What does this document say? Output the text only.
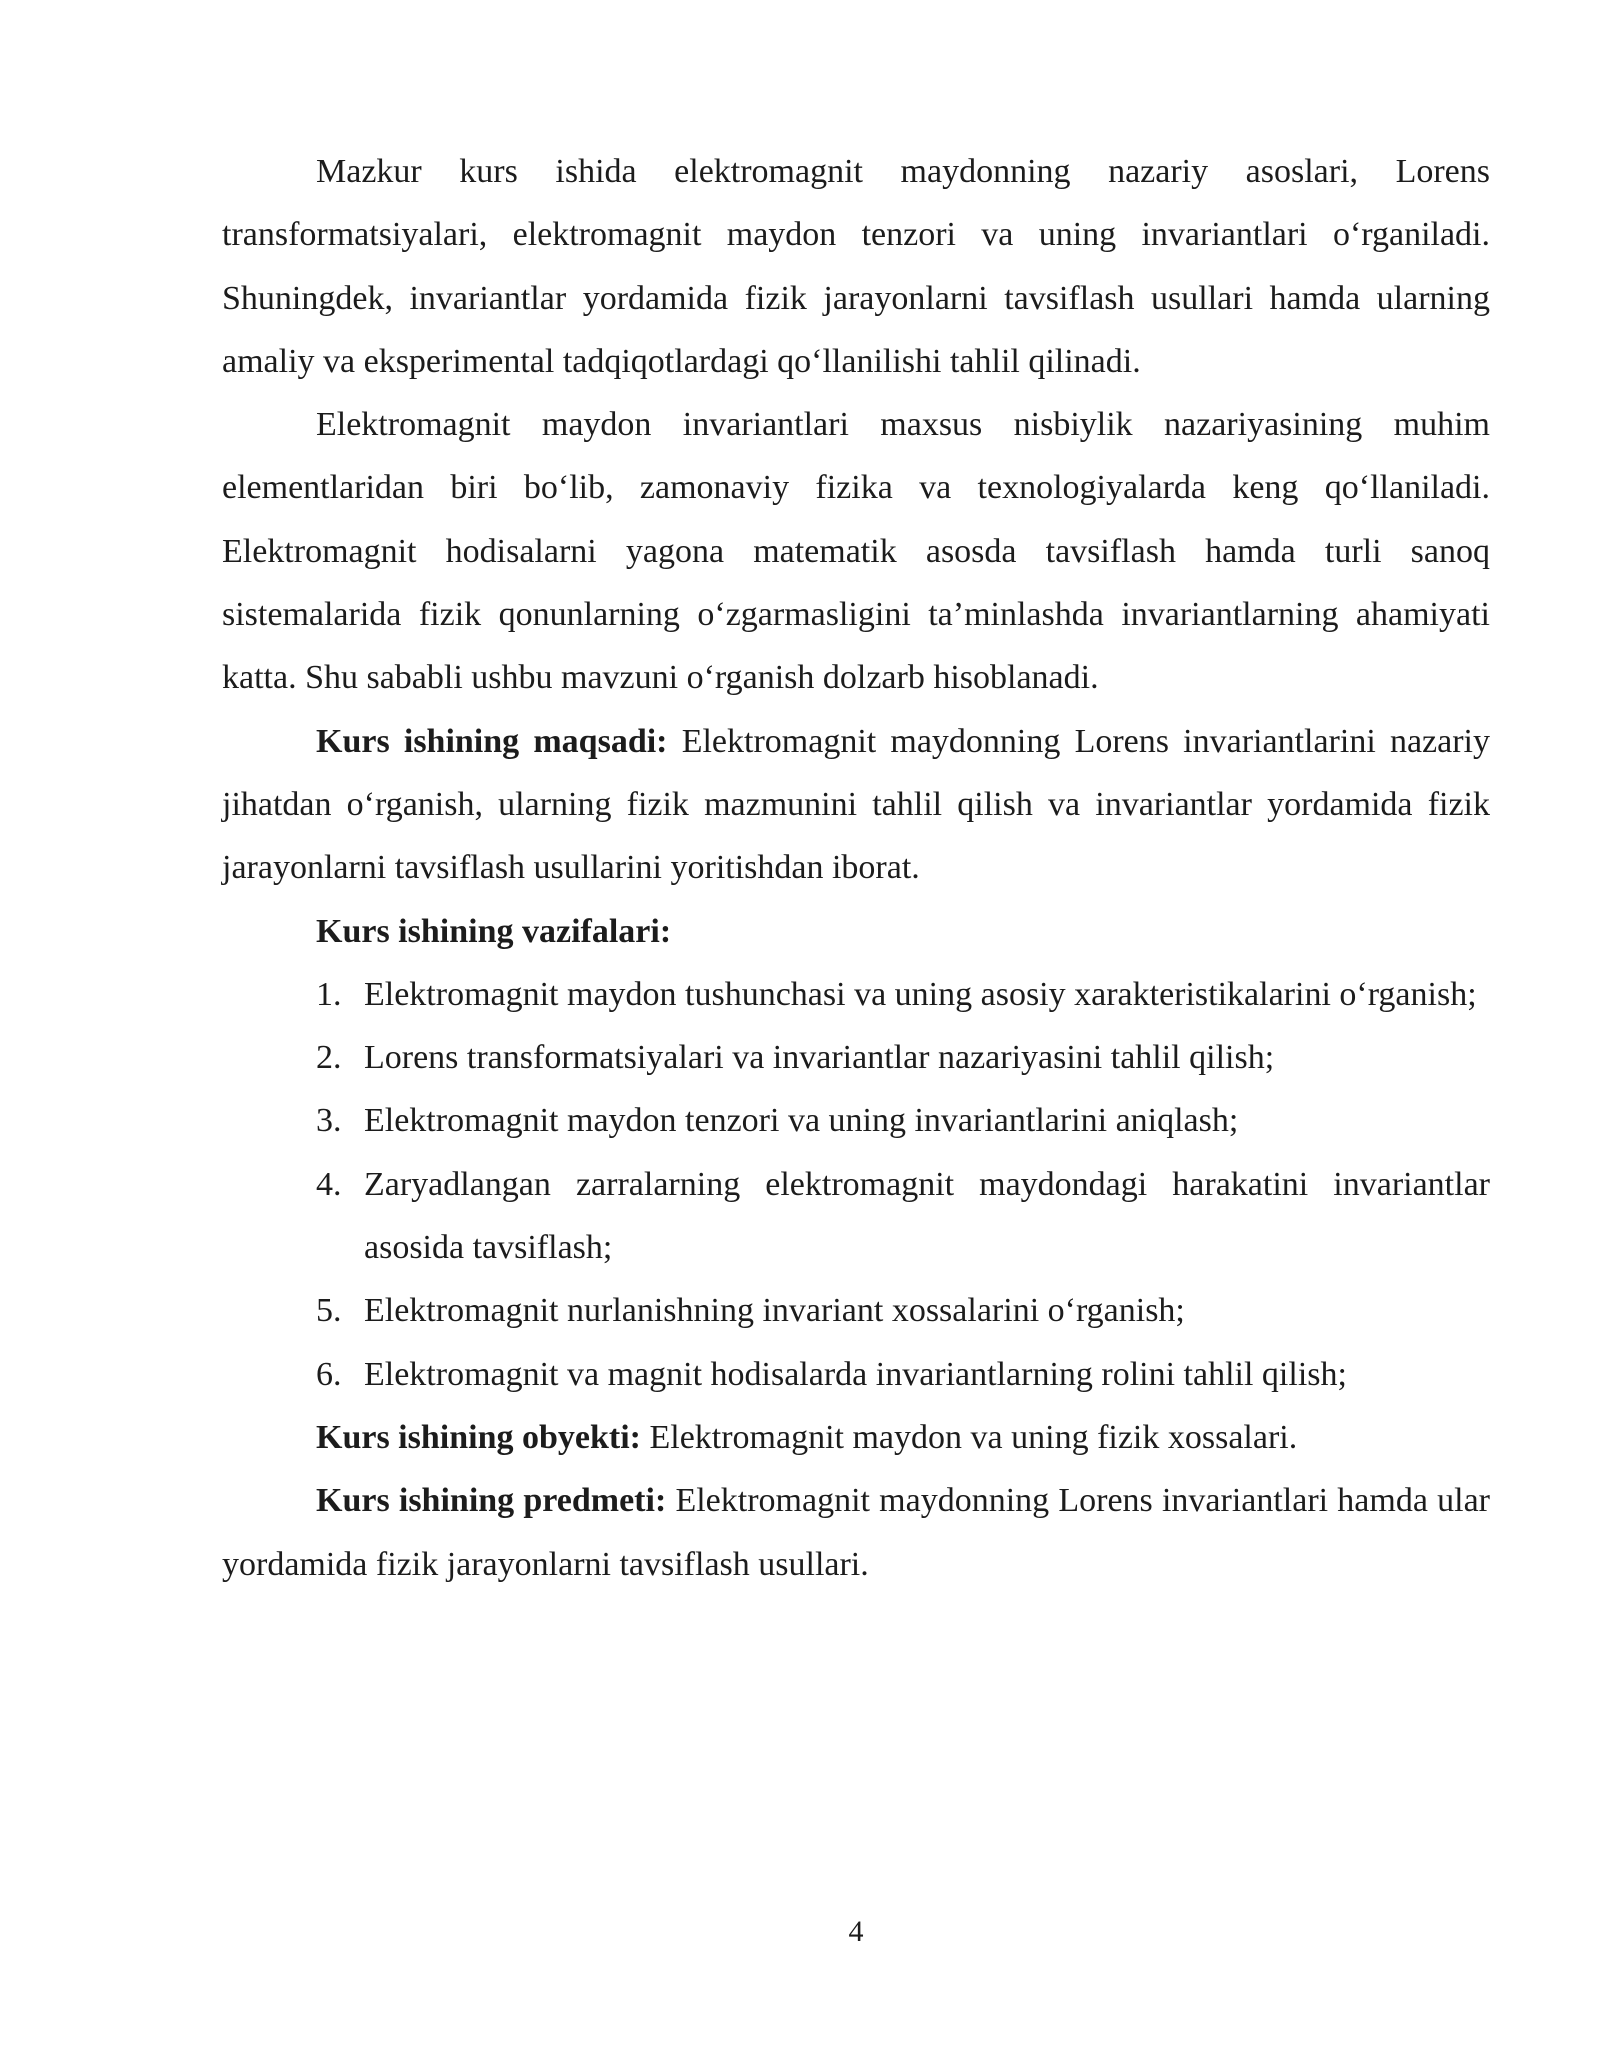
Mazkur kurs ishida elektromagnit maydonning nazariy asoslari, Lorens transformatsiyalari, elektromagnit maydon tenzori va uning invariantlari o‘rganiladi. Shuningdek, invariantlar yordamida fizik jarayonlarni tavsiflash usullari hamda ularning amaliy va eksperimental tadqiqotlardagi qo‘llanilishi tahlil qilinadi.

Elektromagnit maydon invariantlari maxsus nisbiylik nazariyasining muhim elementlaridan biri bo‘lib, zamonaviy fizika va texnologiyalarda keng qo‘llaniladi. Elektromagnit hodisalarni yagona matematik asosda tavsiflash hamda turli sanoq sistemalarida fizik qonunlarning o‘zgarmasligini ta’minlashda invariantlarning ahamiyati katta. Shu sababli ushbu mavzuni o‘rganish dolzarb hisoblanadi.

Kurs ishining maqsadi: Elektromagnit maydonning Lorens invariantlarini nazariy jihatdan o‘rganish, ularning fizik mazmunini tahlil qilish va invariantlar yordamida fizik jarayonlarni tavsiflash usullarini yoritishdan iborat.

Kurs ishining vazifalari:

1. Elektromagnit maydon tushunchasi va uning asosiy xarakteristikalarini o‘rganish;
2. Lorens transformatsiyalari va invariantlar nazariyasini tahlil qilish;
3. Elektromagnit maydon tenzori va uning invariantlarini aniqlash;
4. Zaryadlangan zarralarning elektromagnit maydondagi harakatini invariantlar asosida tavsiflash;
5. Elektromagnit nurlanishning invariant xossalarini o‘rganish;
6. Elektromagnit va magnit hodisalarda invariantlarning rolini tahlil qilish;

Kurs ishining obyekti: Elektromagnit maydon va uning fizik xossalari.

Kurs ishining predmeti: Elektromagnit maydonning Lorens invariantlari hamda ular yordamida fizik jarayonlarni tavsiflash usullari.

4
